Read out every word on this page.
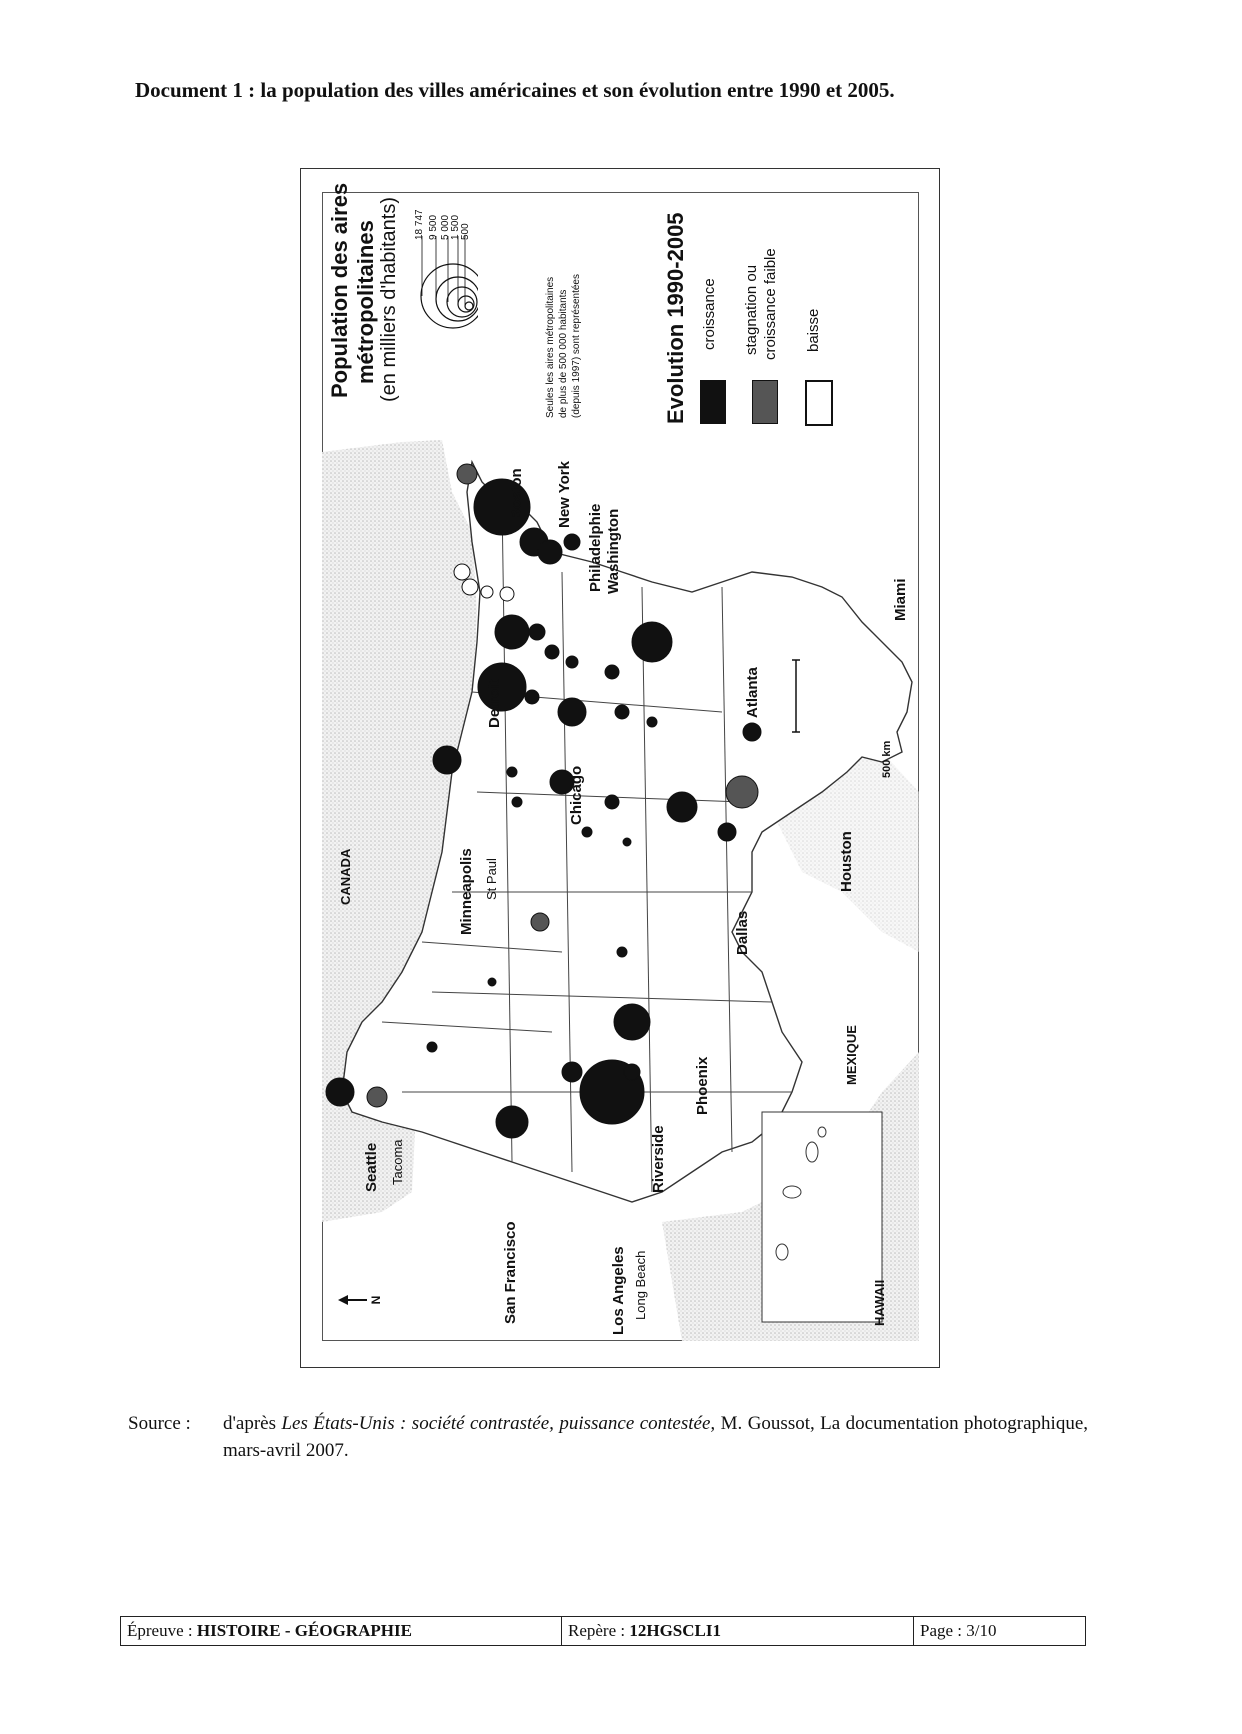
Document 1 : la population des villes américaines et son évolution entre 1990 et 2005.
N
Population des aires métropolitaines (en milliers d'habitants) 18 747 9 500 5 000 1 500 500
Seules les aires métropolitaines de plus de 500 000 habitants (depuis 1997) sont représentées	Evolution 1990-2005 croissance stagnation ou croissance faible baisse
Boston New York
Philadelphie Washington
Miami
Detroit	Atlanta
Chicago
Minneapolis St Paul	Houston
Dallas
Phoenix
Seattle Tacoma	Riverside
San Francisco	Los Angeles Long Beach
CANADA
MEXIQUE
HAWAII
500 km
Source : d'après Les États-Unis : société contrastée, puissance contestée, M. Goussot, La documentation photographique, mars-avril 2007.
Épreuve : HISTOIRE - GÉOGRAPHIE	Repère : 12HGSCLI1	Page : 3/10
